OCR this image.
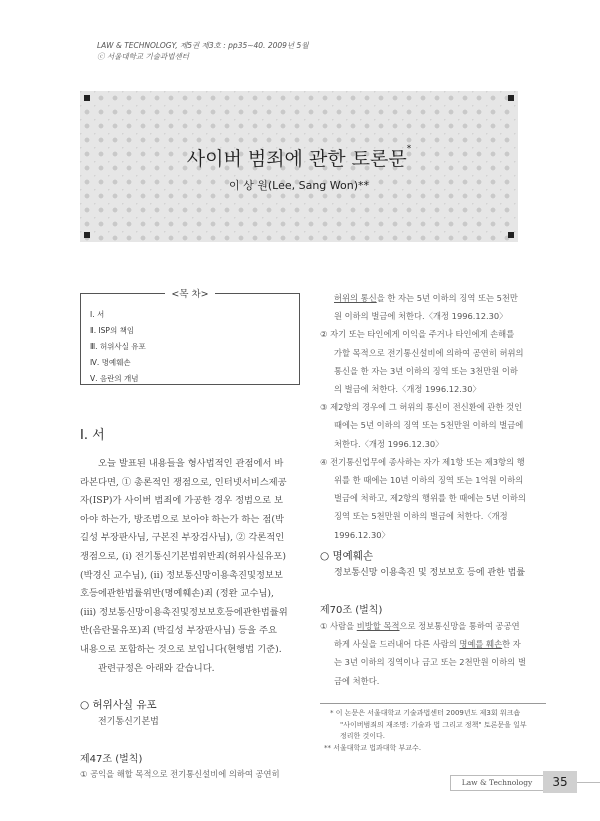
LAW & TECHNOLOGY, 제5권 제3호 : pp35∼40. 2009년 5월
ⓒ 서울대학교 기술과법센터
사이버 범죄에 관한 토론문*
이 상 원(Lee, Sang Won)**
<목 차>
Ⅰ. 서
Ⅱ. ISP의 책임
Ⅲ. 허위사실 유포
Ⅳ. 명예훼손
Ⅴ. 음란의 개념
Ⅰ. 서
오늘 발표된 내용들을 형사법적인 관점에서 바
라본다면, ① 총론적인 쟁점으로, 인터넷서비스제공
자(ISP)가 사이버 범죄에 가공한 경우 정범으로 보
아야 하는가, 방조범으로 보아야 하는가 하는 점(박
길성 부장판사님, 구본진 부장검사님), ② 각론적인
쟁점으로, (i) 전기통신기본법위반죄(허위사실유포)
(박경신 교수님), (ii) 정보통신망이용촉진및정보보
호등에관한법률위반(명예훼손)죄 (정완 교수님),
(iii) 정보통신망이용촉진및정보보호등에관한법률위
반(음란물유포)죄 (박길성 부장판사님) 등을 주요
내용으로 포함하는 것으로 보입니다(현행법 기준).
관련규정은 아래와 같습니다.
○ 허위사실 유포
전기통신기본법
제47조 (벌칙)
① 공익을 해할 목적으로 전기통신설비에 의하여 공연히
허위의 통신을 한 자는 5년 이하의 징역 또는 5천만
원 이하의 벌금에 처한다.〈개정 1996.12.30〉
② 자기 또는 타인에게 이익을 주거나 타인에게 손해를
가할 목적으로 전기통신설비에 의하여 공연히 허위의
통신을 한 자는 3년 이하의 징역 또는 3천만원 이하
의 벌금에 처한다.〈개정 1996.12.30〉
③ 제2항의 경우에 그 허위의 통신이 전신환에 관한 것인
때에는 5년 이하의 징역 또는 5천만원 이하의 벌금에
처한다.〈개정 1996.12.30〉
④ 전기통신업무에 종사하는 자가 제1항 또는 제3항의 행
위를 한 때에는 10년 이하의 징역 또는 1억원 이하의
벌금에 처하고, 제2항의 행위를 한 때에는 5년 이하의
징역 또는 5천만원 이하의 벌금에 처한다.〈개정
1996.12.30〉
○ 명예훼손
정보통신망 이용촉진 및 정보보호 등에 관한 법률
제70조 (벌칙)
① 사람을 비방할 목적으로 정보통신망을 통하여 공공연
하게 사실을 드러내어 다른 사람의 명예를 훼손한 자
는 3년 이하의 징역이나 금고 또는 2천만원 이하의 벌
금에 처한다.
* 이 논문은 서울대학교 기술과법센터 2009년도 제3회 워크숍
"사이버범죄의 재조명: 기술과 법 그리고 정책" 토론문을 일부
정리한 것이다.
** 서울대학교 법과대학 부교수.
Law & Technology	35
